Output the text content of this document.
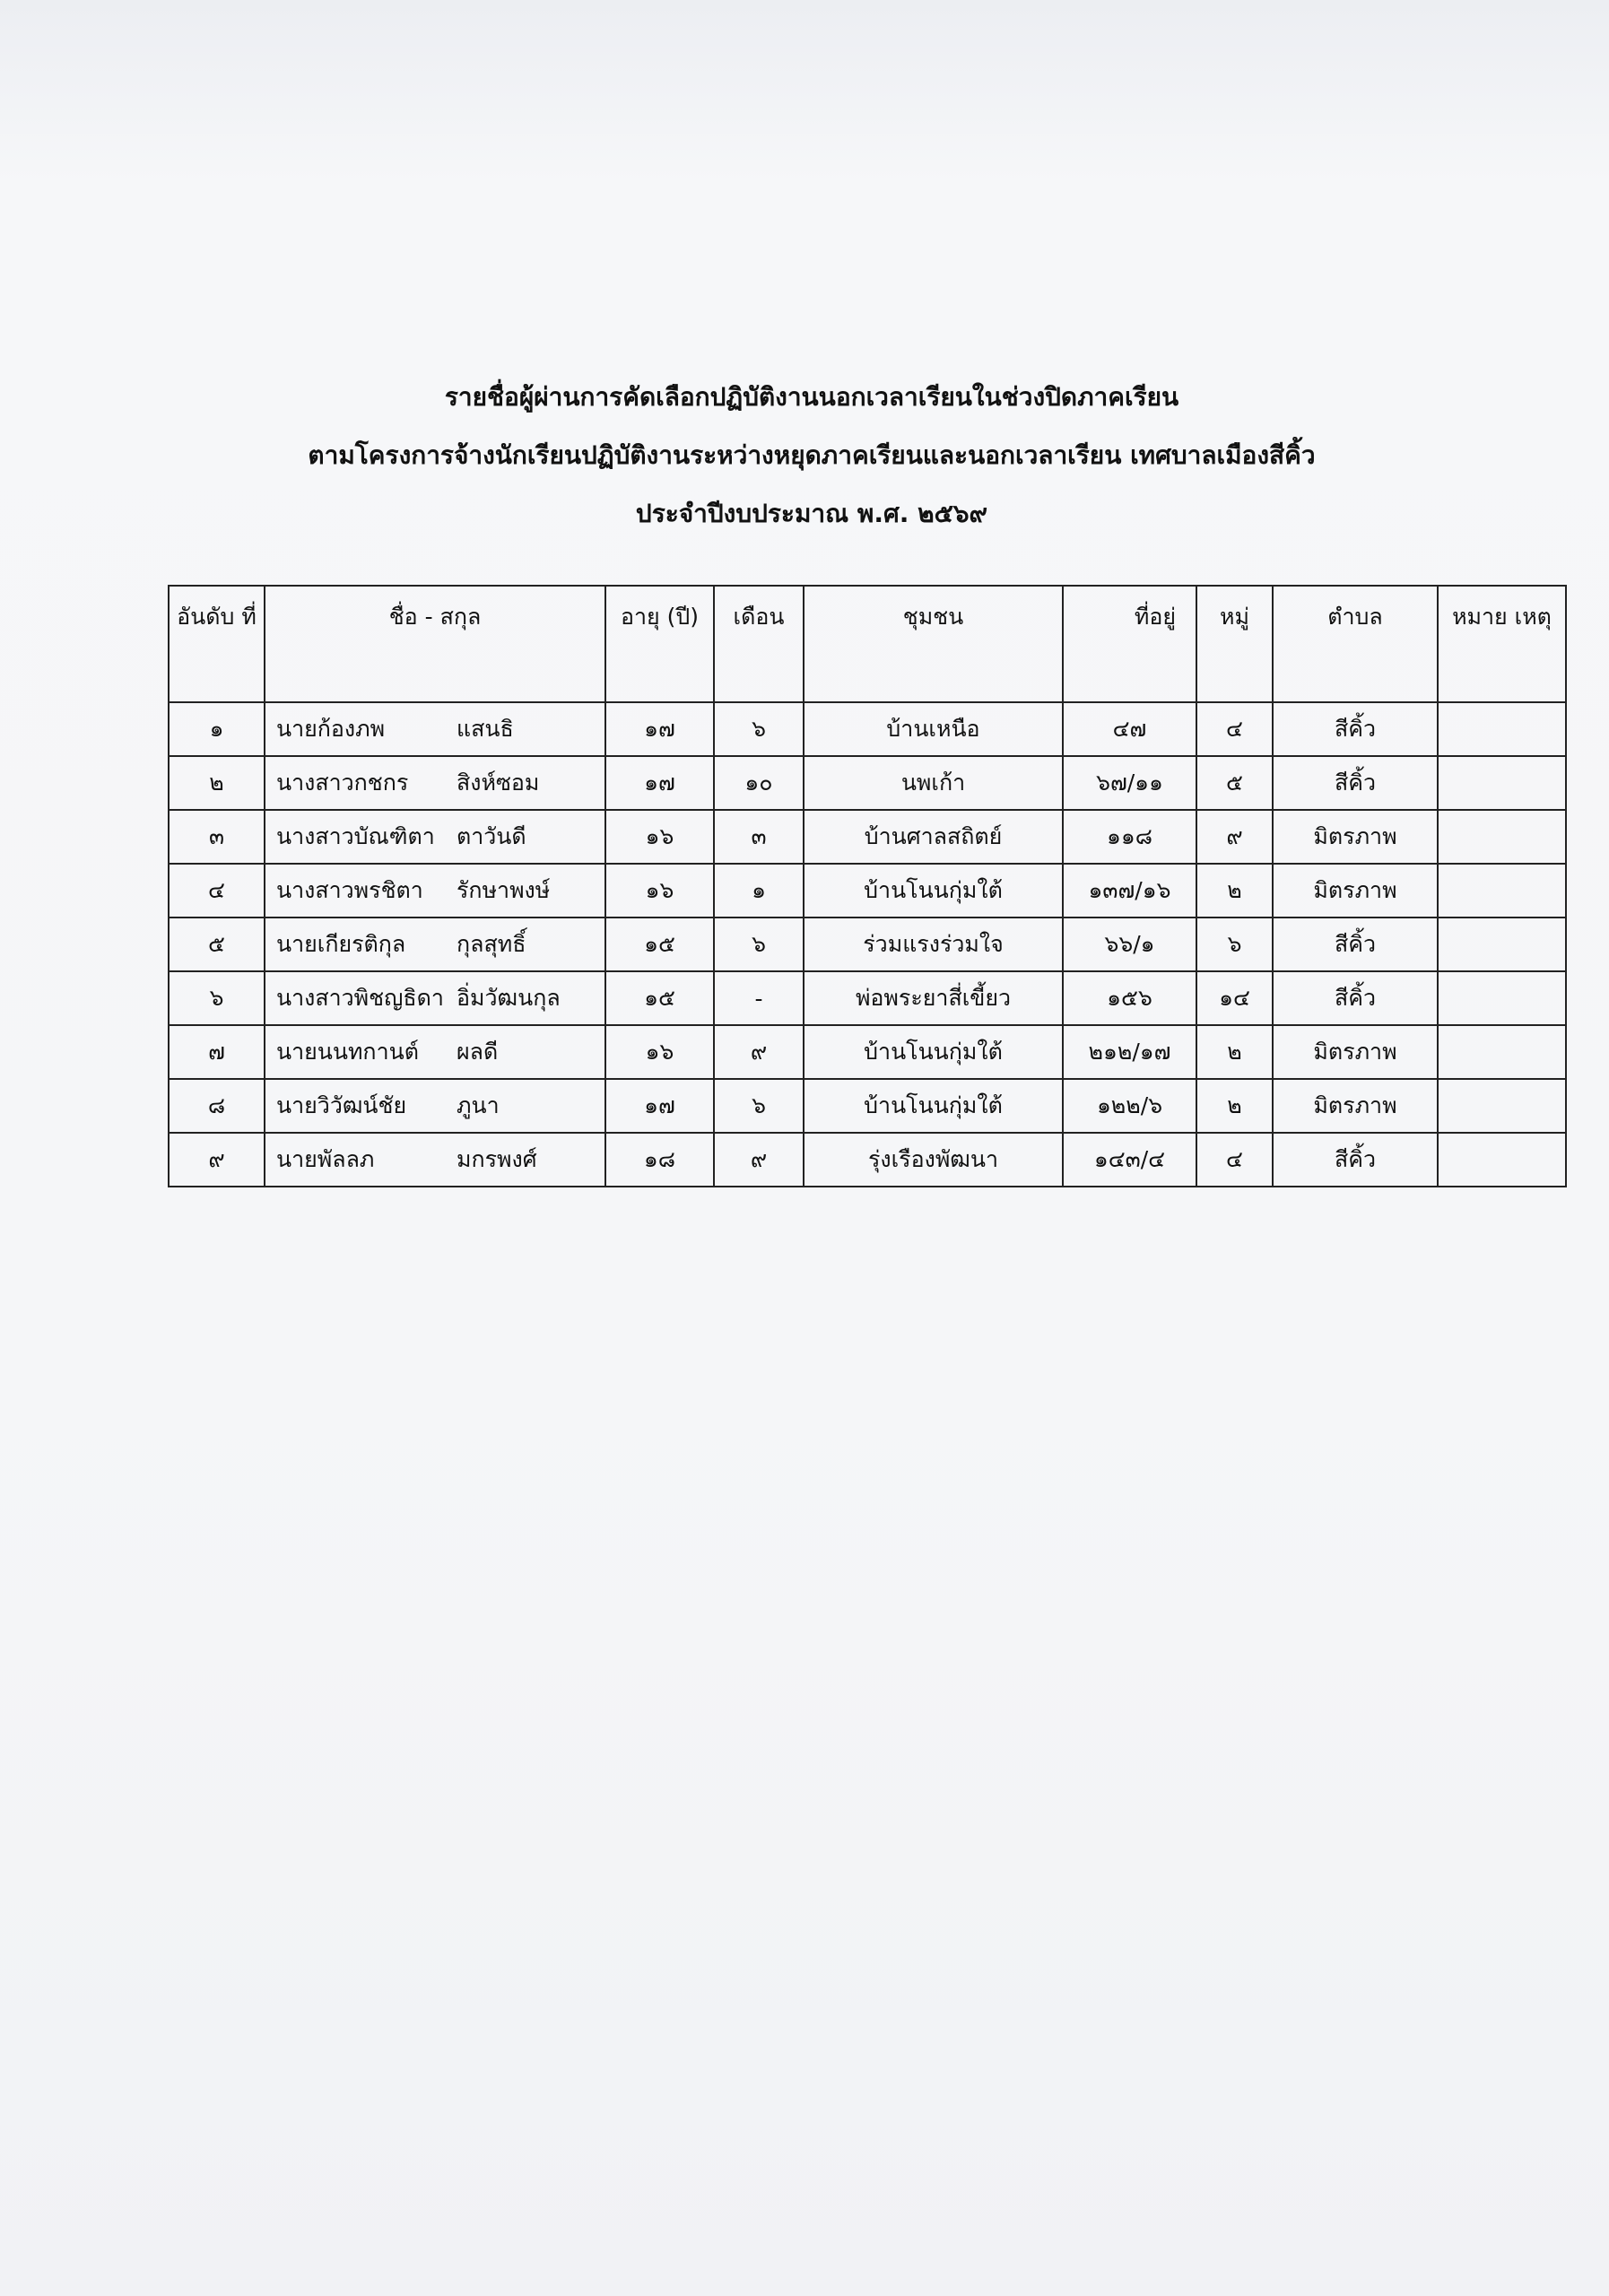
รายชื่อผู้ผ่านการคัดเลือกปฏิบัติงานนอกเวลาเรียนในช่วงปิดภาคเรียน
ตามโครงการจ้างนักเรียนปฏิบัติงานระหว่างหยุดภาคเรียนและนอกเวลาเรียน เทศบาลเมืองสีคิ้ว
ประจำปีงบประมาณ พ.ศ. ๒๕๖๙
อันดับ ที่	ชื่อ - สกุล	อายุ (ปี)	เดือน	ชุมชน	ที่อยู่	หมู่	ตำบล	หมาย เหตุ
๑	นายก้องภพ แสนธิ	๑๗	๖	บ้านเหนือ	๔๗	๔	สีคิ้ว	
๒	นางสาวกชกร สิงห์ซอม	๑๗	๑๐	นพเก้า	๖๗/๑๑	๕	สีคิ้ว	
๓	นางสาวบัณฑิตา ตาวันดี	๑๖	๓	บ้านศาลสถิตย์	๑๑๘	๙	มิตรภาพ	
๔	นางสาวพรชิตา รักษาพงษ์	๑๖	๑	บ้านโนนกุ่มใต้	๑๓๗/๑๖	๒	มิตรภาพ	
๕	นายเกียรติกุล กุลสุทธิ์	๑๕	๖	ร่วมแรงร่วมใจ	๖๖/๑	๖	สีคิ้ว	
๖	นางสาวพิชญธิดา อิ่มวัฒนกุล	๑๕	-	พ่อพระยาสี่เขี้ยว	๑๕๖	๑๔	สีคิ้ว	
๗	นายนนทกานต์ ผลดี	๑๖	๙	บ้านโนนกุ่มใต้	๒๑๒/๑๗	๒	มิตรภาพ	
๘	นายวิวัฒน์ชัย ภูนา	๑๗	๖	บ้านโนนกุ่มใต้	๑๒๒/๖	๒	มิตรภาพ	
๙	นายพัลลภ มกรพงศ์	๑๘	๙	รุ่งเรืองพัฒนา	๑๔๓/๔	๔	สีคิ้ว	
